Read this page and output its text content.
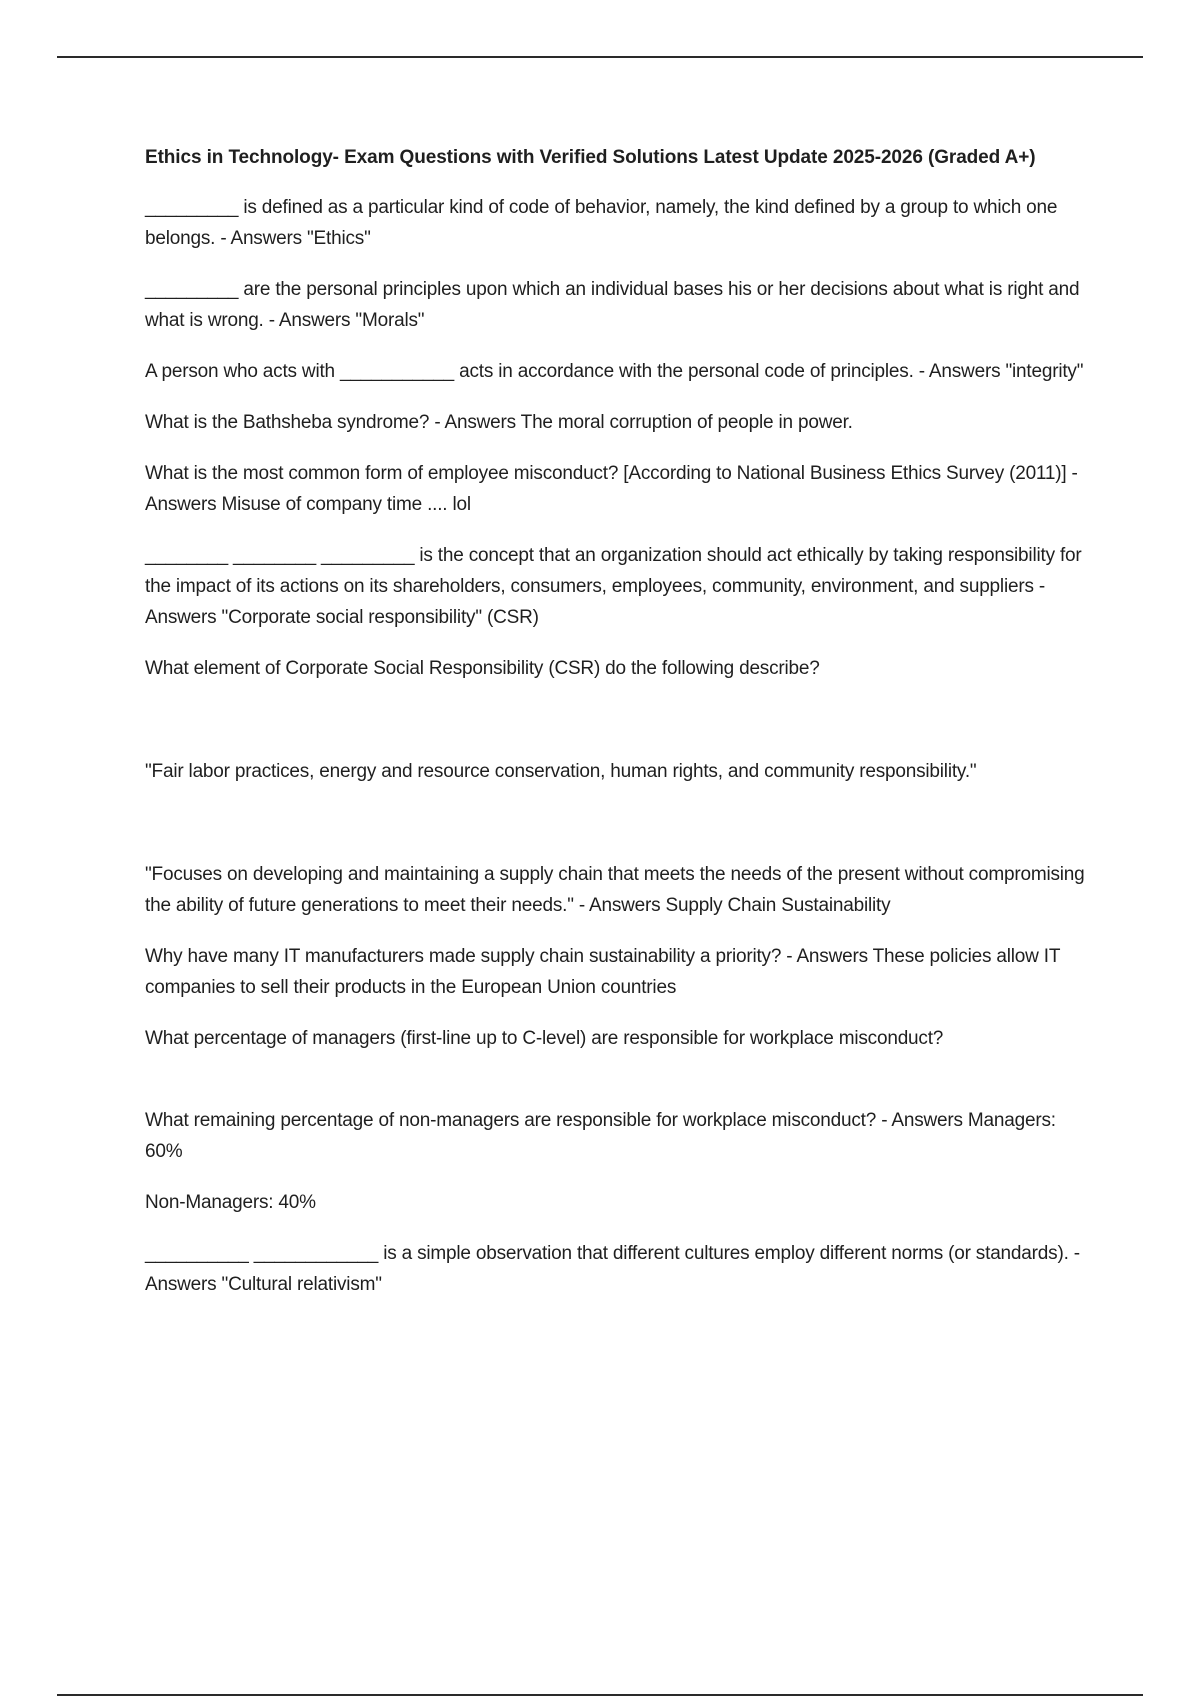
Ethics in Technology- Exam Questions with Verified Solutions Latest Update 2025-2026 (Graded A+)

_________ is defined as a particular kind of code of behavior, namely, the kind defined by a group to which one belongs. - Answers "Ethics"

_________ are the personal principles upon which an individual bases his or her decisions about what is right and what is wrong. - Answers "Morals"

A person who acts with ___________ acts in accordance with the personal code of principles. - Answers "integrity"

What is the Bathsheba syndrome? - Answers The moral corruption of people in power.

What is the most common form of employee misconduct? [According to National Business Ethics Survey (2011)] - Answers Misuse of company time .... lol

________ ________ _________ is the concept that an organization should act ethically by taking responsibility for the impact of its actions on its shareholders, consumers, employees, community, environment, and suppliers - Answers "Corporate social responsibility" (CSR)

What element of Corporate Social Responsibility (CSR) do the following describe?

"Fair labor practices, energy and resource conservation, human rights, and community responsibility."

"Focuses on developing and maintaining a supply chain that meets the needs of the present without compromising the ability of future generations to meet their needs." - Answers Supply Chain Sustainability

Why have many IT manufacturers made supply chain sustainability a priority? - Answers These policies allow IT companies to sell their products in the European Union countries

What percentage of managers (first-line up to C-level) are responsible for workplace misconduct?

What remaining percentage of non-managers are responsible for workplace misconduct? - Answers Managers: 60%

Non-Managers: 40%

__________ ____________ is a simple observation that different cultures employ different norms (or standards). - Answers "Cultural relativism"
